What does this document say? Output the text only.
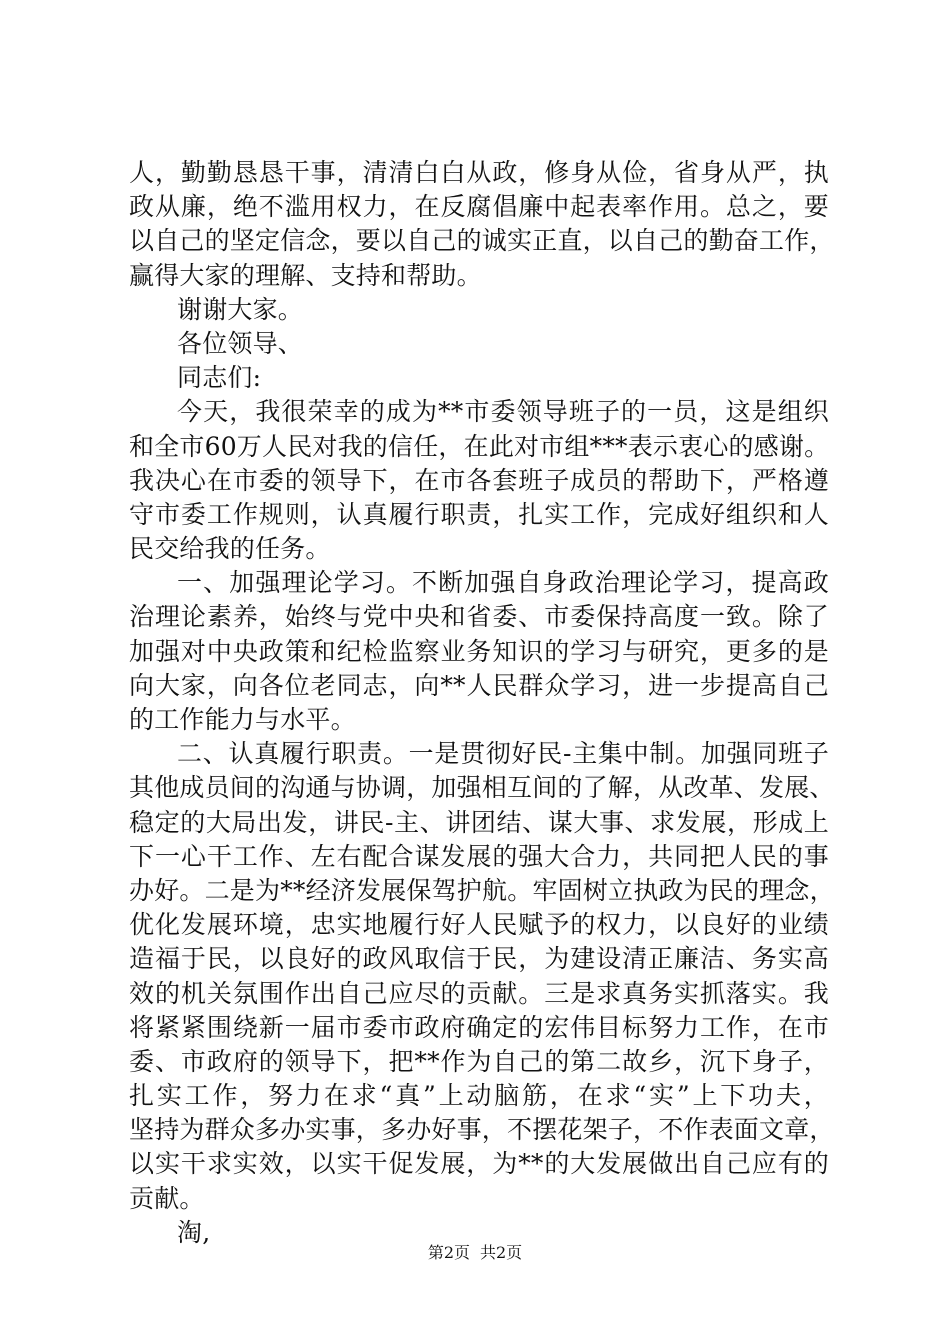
人，勤勤恳恳干事，清清白白从政，修身从俭，省身从严，执
政从廉，绝不滥用权力，在反腐倡廉中起表率作用。总之，要
以自己的坚定信念，要以自己的诚实正直，以自己的勤奋工作，
赢得大家的理解、支持和帮助。
谢谢大家。
各位领导、
同志们:
今天，我很荣幸的成为**市委领导班子的一员，这是组织
和全市60万人民对我的信任，在此对市组***表示衷心的感谢。
我决心在市委的领导下，在市各套班子成员的帮助下，严格遵
守市委工作规则，认真履行职责，扎实工作，完成好组织和人
民交给我的任务。
一、加强理论学习。不断加强自身政治理论学习，提高政
治理论素养，始终与党中央和省委、市委保持高度一致。除了
加强对中央政策和纪检监察业务知识的学习与研究，更多的是
向大家，向各位老同志，向**人民群众学习，进一步提高自己
的工作能力与水平。
二、认真履行职责。一是贯彻好民-主集中制。加强同班子
其他成员间的沟通与协调，加强相互间的了解，从改革、发展、
稳定的大局出发，讲民-主、讲团结、谋大事、求发展，形成上
下一心干工作、左右配合谋发展的强大合力，共同把人民的事
办好。二是为**经济发展保驾护航。牢固树立执政为民的理念，
优化发展环境，忠实地履行好人民赋予的权力，以良好的业绩
造福于民，以良好的政风取信于民，为建设清正廉洁、务实高
效的机关氛围作出自己应尽的贡献。三是求真务实抓落实。我
将紧紧围绕新一届市委市政府确定的宏伟目标努力工作，在市
委、市政府的领导下，把**作为自己的第二故乡，沉下身子，
扎实工作，努力在求“真”上动脑筋，在求“实”上下功夫，
坚持为群众多办实事，多办好事，不摆花架子，不作表面文章，
以实干求实效，以实干促发展，为**的大发展做出自己应有的
贡献。
淘,
第2页 共2页
